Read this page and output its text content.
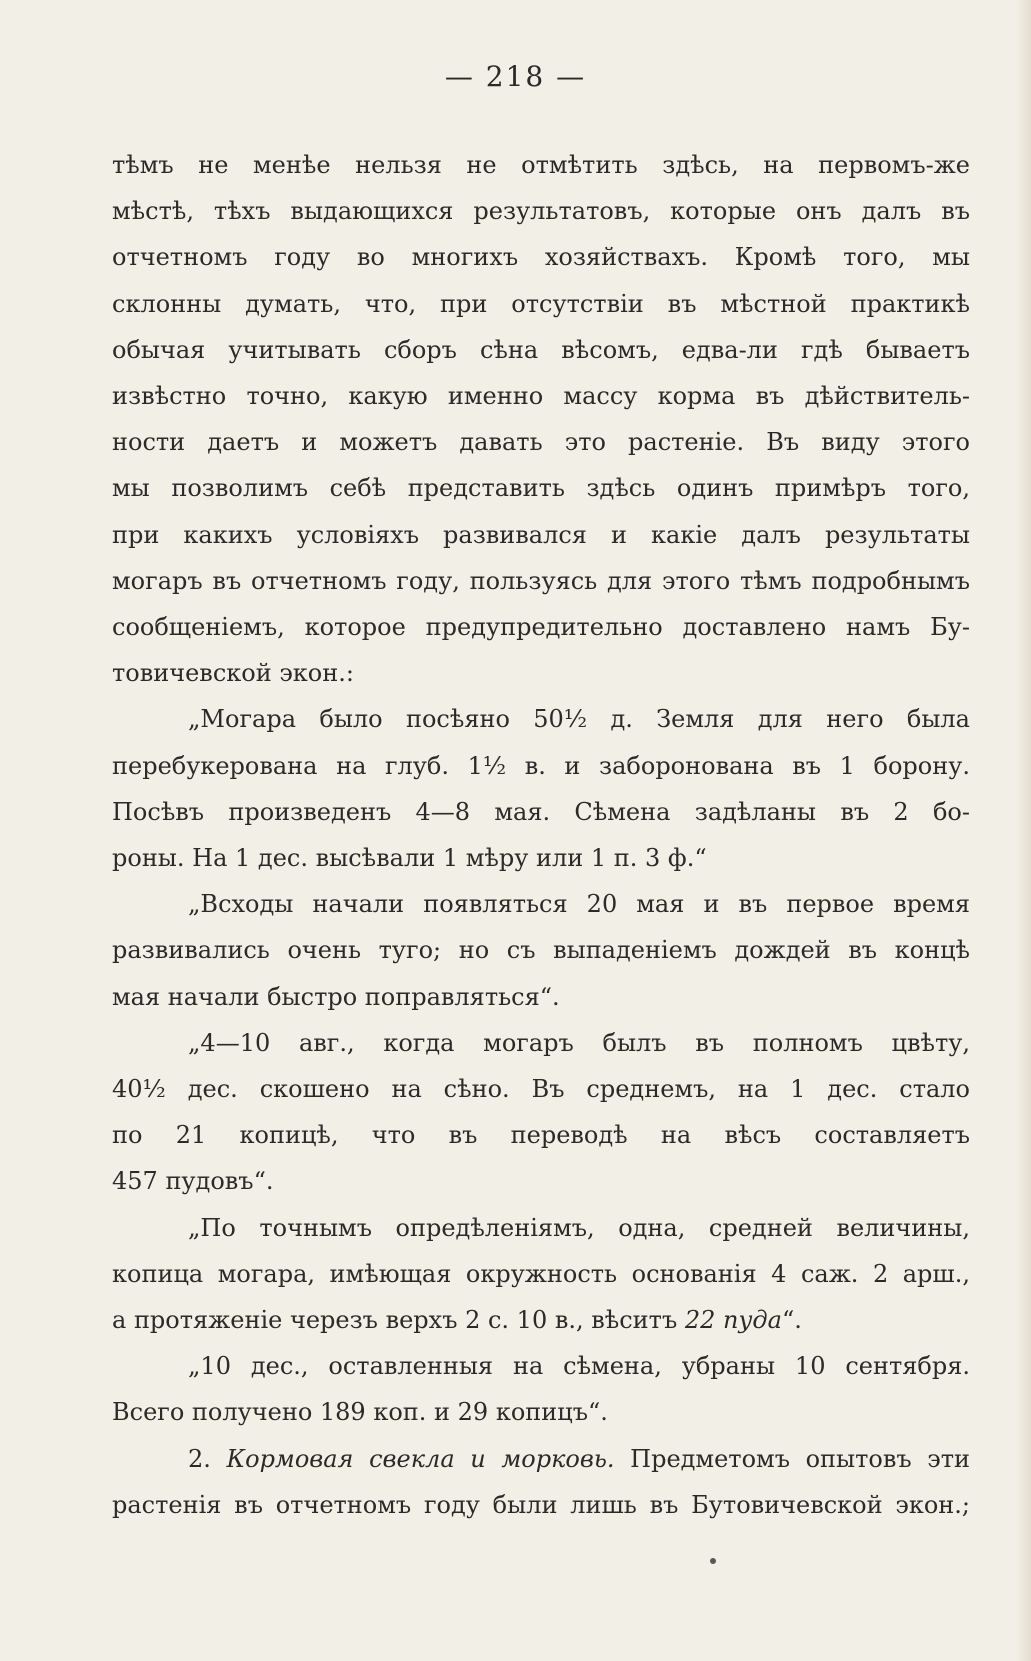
— 218 —

тѣмъ не менѣе нельзя не отмѣтить здѣсь, на первомъ-же
мѣстѣ, тѣхъ выдающихся результатовъ, которые онъ далъ въ
отчетномъ году во многихъ хозяйствахъ. Кромѣ того, мы
склонны думать, что, при отсутствіи въ мѣстной практикѣ
обычая учитывать сборъ сѣна вѣсомъ, едва-ли гдѣ бываетъ
извѣстно точно, какую именно массу корма въ дѣйствитель-
ности даетъ и можетъ давать это растеніе. Въ виду этого
мы позволимъ себѣ представить здѣсь одинъ примѣръ того,
при какихъ условіяхъ развивался и какіе далъ результаты
могаръ въ отчетномъ году, пользуясь для этого тѣмъ подробнымъ
сообщеніемъ, которое предупредительно доставлено намъ Бу-
товичевской экон.:

„Могара было посѣяно 50½ д. Земля для него была
перебукерована на глуб. 1½ в. и заборонована въ 1 борону.
Посѣвъ произведенъ 4—8 мая. Сѣмена задѣланы въ 2 бо-
роны. На 1 дес. высѣвали 1 мѣру или 1 п. 3 ф.“

„Всходы начали появляться 20 мая и въ первое время
развивались очень туго; но съ выпаденіемъ дождей въ концѣ
мая начали быстро поправляться“.

„4—10 авг., когда могаръ былъ въ полномъ цвѣту,
40½ дес. скошено на сѣно. Въ среднемъ, на 1 дес. стало
по 21 копицѣ, что въ переводѣ на вѣсъ составляетъ
457 пудовъ“.

„По точнымъ опредѣленіямъ, одна, средней величины,
копица могара, имѣющая окружность основанія 4 саж. 2 арш.,
а протяженіе черезъ верхъ 2 с. 10 в., вѣситъ 22 пуда“.

„10 дес., оставленныя на сѣмена, убраны 10 сентября.
Всего получено 189 коп. и 29 копицъ“.

2. Кормовая свекла и морковь. Предметомъ опытовъ эти
растенія въ отчетномъ году были лишь въ Бутовичевской экон.;
